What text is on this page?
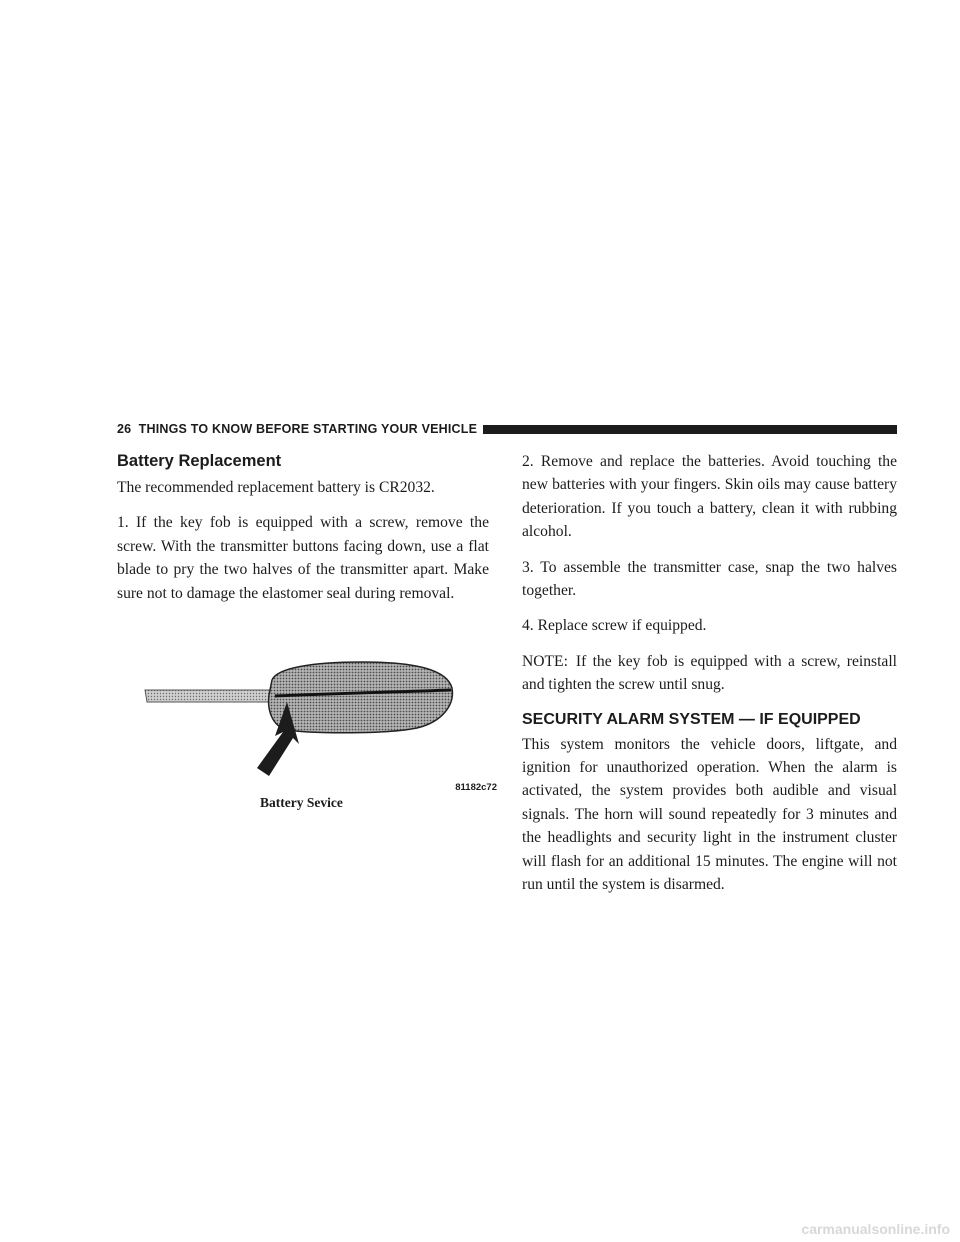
26 THINGS TO KNOW BEFORE STARTING YOUR VEHICLE
Battery Replacement

The recommended replacement battery is CR2032.

1. If the key fob is equipped with a screw, remove the screw. With the transmitter buttons facing down, use a flat blade to pry the two halves of the transmitter apart. Make sure not to damage the elastomer seal during removal.

81182c72
Battery Sevice

2. Remove and replace the batteries. Avoid touching the new batteries with your fingers. Skin oils may cause battery deterioration. If you touch a battery, clean it with rubbing alcohol.

3. To assemble the transmitter case, snap the two halves together.

4. Replace screw if equipped.

NOTE: If the key fob is equipped with a screw, reinstall and tighten the screw until snug.

SECURITY ALARM SYSTEM — IF EQUIPPED

This system monitors the vehicle doors, liftgate, and ignition for unauthorized operation. When the alarm is activated, the system provides both audible and visual signals. The horn will sound repeatedly for 3 minutes and the headlights and security light in the instrument cluster will flash for an additional 15 minutes. The engine will not run until the system is disarmed.

carmanualsonline.info
